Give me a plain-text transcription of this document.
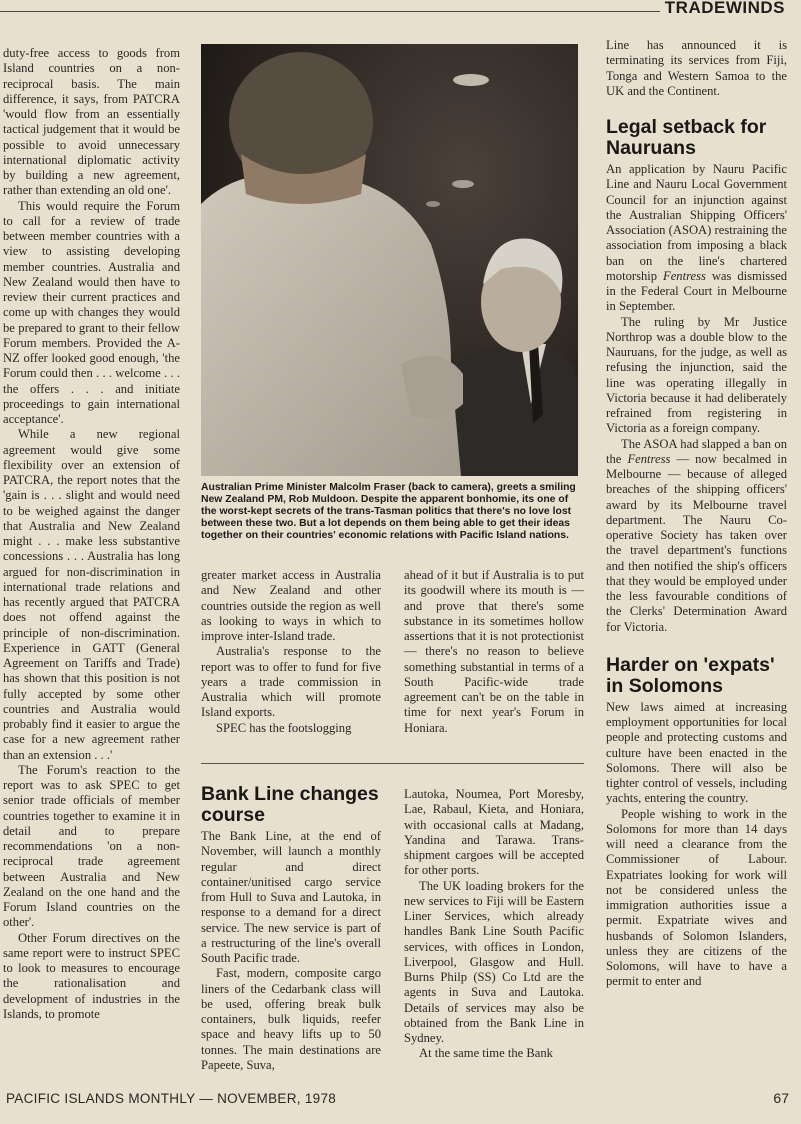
TRADEWINDS

duty-free access to goods from Island countries on a non-reciprocal basis. The main difference, it says, from PATCRA 'would flow from an essentially tactical judgement that it would be possible to avoid unnecessary international diplomatic activity by building a new agreement, rather than extending an old one'.

This would require the Forum to call for a review of trade between member countries with a view to assisting developing member countries. Australia and New Zealand would then have to review their current practices and come up with changes they would be prepared to grant to their fellow Forum members. Provided the A-NZ offer looked good enough, 'the Forum could then . . . welcome . . . the offers . . . and initiate proceedings to gain international acceptance'.

While a new regional agreement would give some flexibility over an extension of PATCRA, the report notes that the 'gain is . . . slight and would need to be weighed against the danger that Australia and New Zealand might . . . make less substantive concessions . . . Australia has long argued for non-discrimination in international trade relations and has recently argued that PATCRA does not offend against the principle of non-discrimination. Experience in GATT (General Agreement on Tariffs and Trade) has shown that this position is not fully accepted by some other countries and Australia would probably find it easier to argue the case for a new agreement rather than an extension . . .'

The Forum's reaction to the report was to ask SPEC to get senior trade officials of member countries together to examine it in detail and to prepare recommendations 'on a non-reciprocal trade agreement between Australia and New Zealand on the one hand and the Forum Island countries on the other'.

Other Forum directives on the same report were to instruct SPEC to look to measures to encourage the rationalisation and development of industries in the Islands, to promote

Australian Prime Minister Malcolm Fraser (back to camera), greets a smiling New Zealand PM, Rob Muldoon. Despite the apparent bonhomie, its one of the worst-kept secrets of the trans-Tasman politics that there's no love lost between these two. But a lot depends on them being able to get their ideas together on their countries' economic relations with Pacific Island nations.

greater market access in Australia and New Zealand and other countries outside the region as well as looking to ways in which to improve inter-Island trade.

Australia's response to the report was to offer to fund for five years a trade commission in Australia which will promote Island exports.

SPEC has the footslogging

ahead of it but if Australia is to put its goodwill where its mouth is — and prove that there's some substance in its sometimes hollow assertions that it is not protectionist — there's no reason to believe something substantial in terms of a South Pacific-wide trade agreement can't be on the table in time for next year's Forum in Honiara.

Bank Line changes course

The Bank Line, at the end of November, will launch a monthly regular and direct container/unitised cargo service from Hull to Suva and Lautoka, in response to a demand for a direct service. The new service is part of a restructuring of the line's overall South Pacific trade.

Fast, modern, composite cargo liners of the Cedarbank class will be used, offering break bulk containers, bulk liquids, reefer space and heavy lifts up to 50 tonnes. The main destinations are Papeete, Suva,

Lautoka, Noumea, Port Moresby, Lae, Rabaul, Kieta, and Honiara, with occasional calls at Madang, Yandina and Tarawa. Trans-shipment cargoes will be accepted for other ports.

The UK loading brokers for the new services to Fiji will be Eastern Liner Services, which already handles Bank Line South Pacific services, with offices in London, Liverpool, Glasgow and Hull. Burns Philp (SS) Co Ltd are the agents in Suva and Lautoka. Details of services may also be obtained from the Bank Line in Sydney.

At the same time the Bank

Line has announced it is terminating its services from Fiji, Tonga and Western Samoa to the UK and the Continent.

Legal setback for Nauruans

An application by Nauru Pacific Line and Nauru Local Government Council for an injunction against the Australian Shipping Officers' Association (ASOA) restraining the association from imposing a black ban on the line's chartered motorship Fentress was dismissed in the Federal Court in Melbourne in September.

The ruling by Mr Justice Northrop was a double blow to the Nauruans, for the judge, as well as refusing the injunction, said the line was operating illegally in Victoria because it had deliberately refrained from registering in Victoria as a foreign company.

The ASOA had slapped a ban on the Fentress — now becalmed in Melbourne — because of alleged breaches of the shipping officers' award by its Melbourne travel department. The Nauru Co-operative Society has taken over the travel department's functions and then notified the ship's officers that they would be employed under the less favourable conditions of the Clerks' Determination Award for Victoria.

Harder on 'expats' in Solomons

New laws aimed at increasing employment opportunities for local people and protecting customs and culture have been enacted in the Solomons. There will also be tighter control of vessels, including yachts, entering the country.

People wishing to work in the Solomons for more than 14 days will need a clearance from the Commissioner of Labour. Expatriates looking for work will not be considered unless the immigration authorities issue a permit. Expatriate wives and husbands of Solomon Islanders, unless they are citizens of the Solomons, will have to have a permit to enter and

PACIFIC ISLANDS MONTHLY — NOVEMBER, 1978	67
